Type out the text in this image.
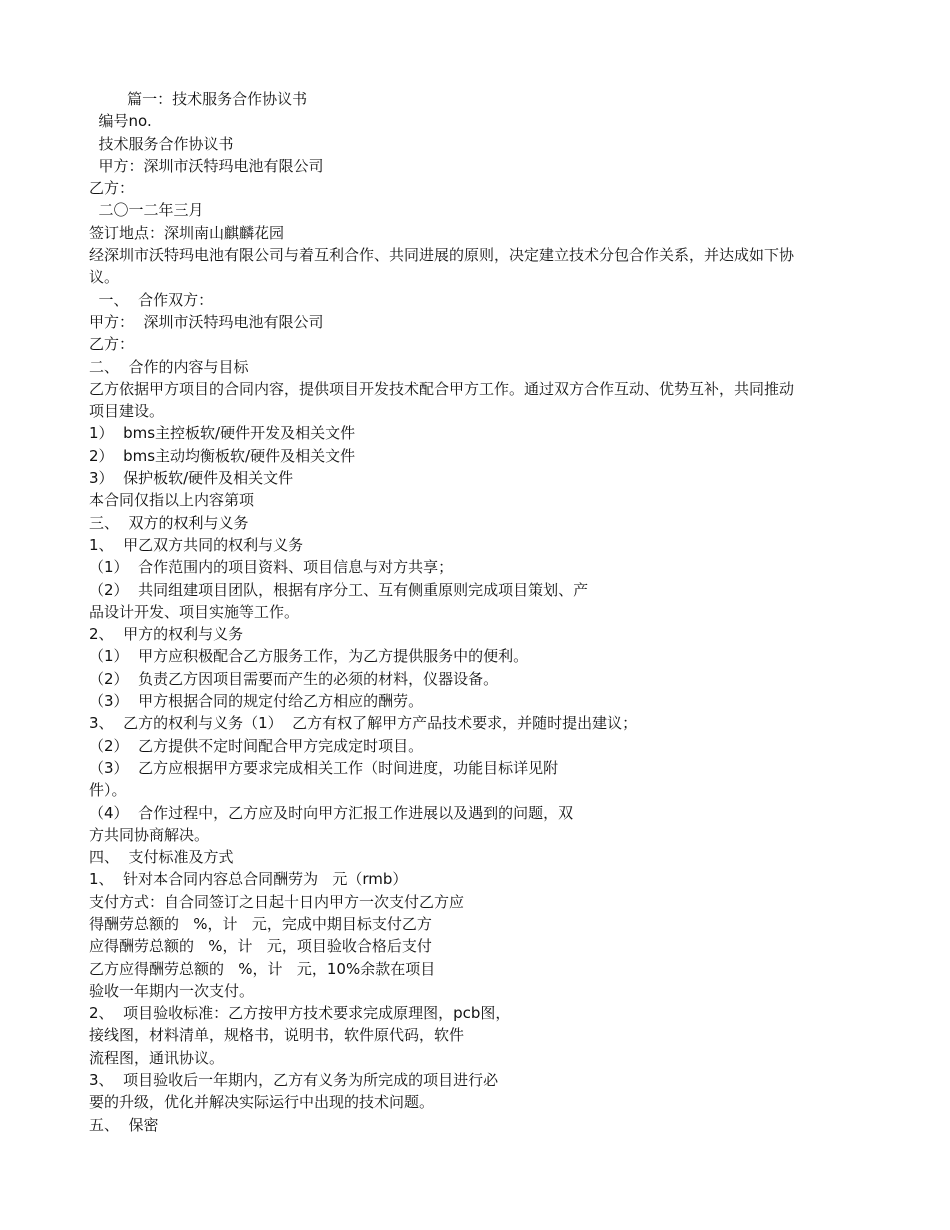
篇一：技术服务合作协议书
编号no.
技术服务合作协议书
甲方：深圳市沃特玛电池有限公司
乙方：
二〇一二年三月
签订地点：深圳南山麒麟花园
经深圳市沃特玛电池有限公司与着互利合作、共同进展的原则，决定建立技术分包合作关系，并达成如下协
议。
一、  合作双方：
甲方：  深圳市沃特玛电池有限公司
乙方：
二、  合作的内容与目标
乙方依据甲方项目的合同内容，提供项目开发技术配合甲方工作。通过双方合作互动、优势互补，共同推动
项目建设。
1）  bms主控板软/硬件开发及相关文件
2）  bms主动均衡板软/硬件及相关文件
3）  保护板软/硬件及相关文件
本合同仅指以上内容第项
三、  双方的权利与义务
1、  甲乙双方共同的权利与义务
（1）  合作范围内的项目资料、项目信息与对方共享；
（2）  共同组建项目团队，根据有序分工、互有侧重原则完成项目策划、产
品设计开发、项目实施等工作。
2、  甲方的权利与义务
（1）  甲方应积极配合乙方服务工作，为乙方提供服务中的便利。
（2）  负责乙方因项目需要而产生的必须的材料，仪器设备。
（3）  甲方根据合同的规定付给乙方相应的酬劳。
3、  乙方的权利与义务（1）  乙方有权了解甲方产品技术要求，并随时提出建议；
（2）  乙方提供不定时间配合甲方完成定时项目。
（3）  乙方应根据甲方要求完成相关工作（时间进度，功能目标详见附
件）。
（4）  合作过程中，乙方应及时向甲方汇报工作进展以及遇到的问题，双
方共同协商解决。
四、  支付标准及方式
1、  针对本合同内容总合同酬劳为   元（rmb）
支付方式：自合同签订之日起十日内甲方一次支付乙方应
得酬劳总额的   %，计   元，完成中期目标支付乙方
应得酬劳总额的   %，计   元，项目验收合格后支付
乙方应得酬劳总额的   %，计   元，10%余款在项目
验收一年期内一次支付。
2、  项目验收标准：乙方按甲方技术要求完成原理图，pcb图，
接线图，材料清单，规格书，说明书，软件原代码，软件
流程图，通讯协议。
3、  项目验收后一年期内，乙方有义务为所完成的项目进行必
要的升级，优化并解决实际运行中出现的技术问题。
五、  保密
